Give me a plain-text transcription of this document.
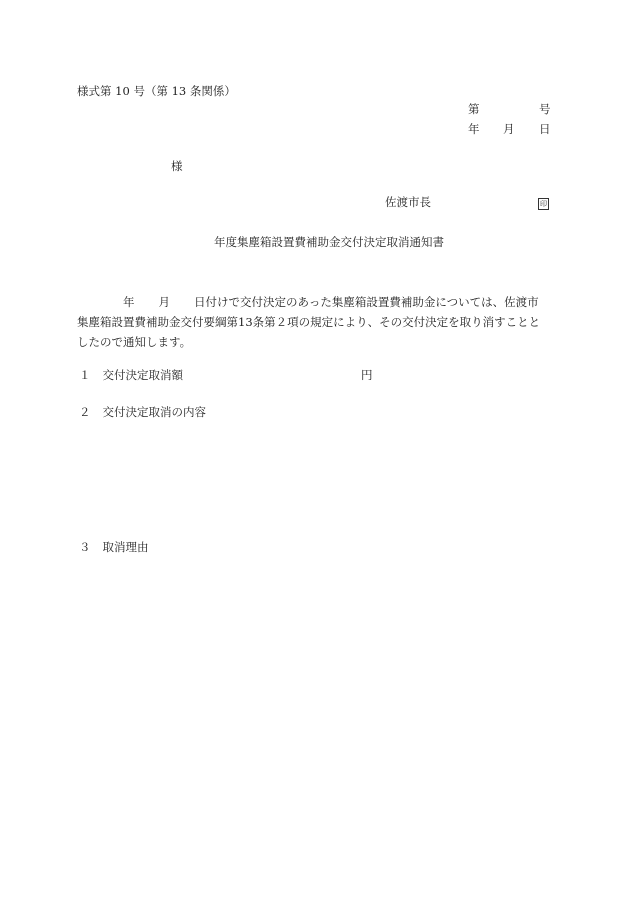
様式第 10 号（第 13 条関係）
第	号
年 月 日
様
佐渡市長	印
年度集塵箱設置費補助金交付決定取消通知書

年 月 日付けで交付決定のあった集塵箱設置費補助金については、佐渡市

集塵箱設置費補助金交付要綱第13条第２項の規定により、その交付決定を取り消すことと

したので通知します。

１ 交付決定取消額	円
２ 交付決定取消の内容
３ 取消理由
